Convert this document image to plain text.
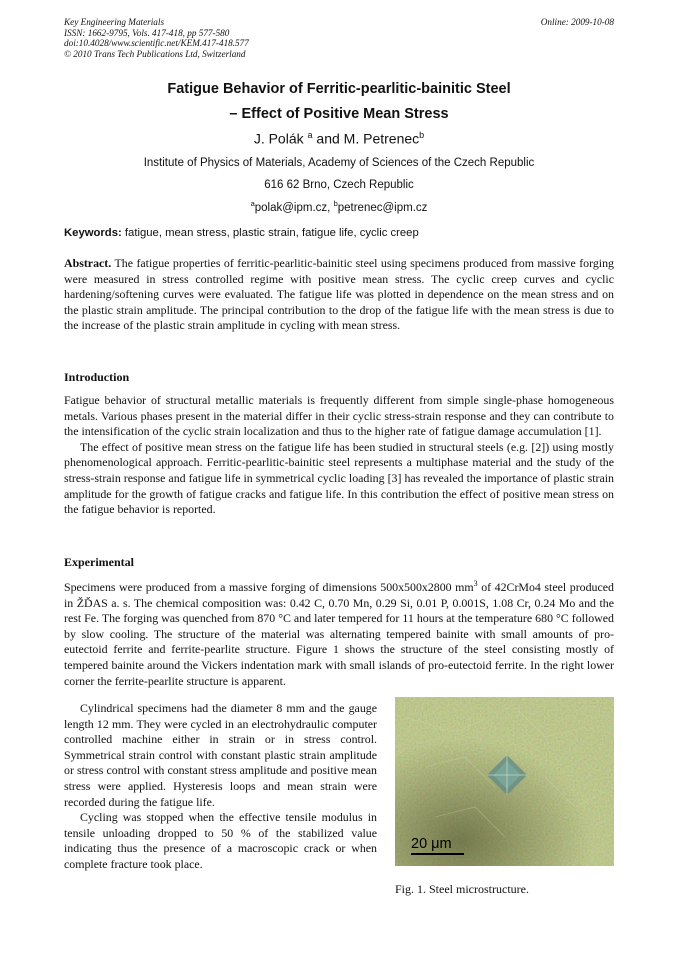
Key Engineering Materials
ISSN: 1662-9795, Vols. 417-418, pp 577-580
doi:10.4028/www.scientific.net/KEM.417-418.577
© 2010 Trans Tech Publications Ltd, Switzerland
Online: 2009-10-08
Fatigue Behavior of Ferritic-pearlitic-bainitic Steel
– Effect of Positive Mean Stress
J. Polák $^a$ and M. Petrenec$^b$
Institute of Physics of Materials, Academy of Sciences of the Czech Republic
616 62 Brno, Czech Republic
$^a$polak@ipm.cz, $^b$petrenec@ipm.cz
Keywords: fatigue, mean stress, plastic strain, fatigue life, cyclic creep

Abstract. The fatigue properties of ferritic-pearlitic-bainitic steel using specimens produced from massive forging were measured in stress controlled regime with positive mean stress. The cyclic creep curves and cyclic hardening/softening curves were evaluated. The fatigue life was plotted in dependence on the mean stress and on the plastic strain amplitude. The principal contribution to the drop of the fatigue life with the mean stress is due to the increase of the plastic strain amplitude in cycling with mean stress.

Introduction

Fatigue behavior of structural metallic materials is frequently different from simple single-phase homogeneous metals. Various phases present in the material differ in their cyclic stress-strain response and they can contribute to the intensification of the cyclic strain localization and thus to the higher rate of fatigue damage accumulation [1].

The effect of positive mean stress on the fatigue life has been studied in structural steels (e.g. [2]) using mostly phenomenological approach. Ferritic-pearlitic-bainitic steel represents a multiphase material and the study of the stress-strain response and fatigue life in symmetrical cyclic loading [3] has revealed the importance of plastic strain amplitude for the growth of fatigue cracks and fatigue life. In this contribution the effect of positive mean stress on the fatigue behavior is reported.

Experimental

Specimens were produced from a massive forging of dimensions 500x500x2800 $mm^3$ of 42CrMo4 steel produced in ŽĎAS a. s. The chemical composition was: 0.42 C, 0.70 Mn, 0.29 Si, 0.01 P, 0.001S, 1.08 Cr, 0.24 Mo and the rest Fe. The forging was quenched from 870 °C and later tempered for 11 hours at the temperature 680 °C followed by slow cooling. The structure of the material was alternating tempered bainite with small amounts of pro-eutectoid ferrite and ferrite-pearlite structure. Figure 1 shows the structure of the steel consisting mostly of tempered bainite around the Vickers indentation mark with small islands of pro-eutectoid ferrite. In the right lower corner the ferrite-pearlite structure is apparent.

Cylindrical specimens had the diameter 8 mm and the gauge length 12 mm. They were cycled in an electrohydraulic computer controlled machine either in strain or in stress control. Symmetrical strain control with constant plastic strain amplitude or stress control with constant stress amplitude and positive mean stress were applied. Hysteresis loops and mean strain were recorded during the fatigue life.

Cycling was stopped when the effective tensile modulus in tensile unloading dropped to 50 % of the stabilized value indicating thus the presence of a macroscopic crack or when complete fracture took place.

20 μm
Fig. 1. Steel microstructure.
